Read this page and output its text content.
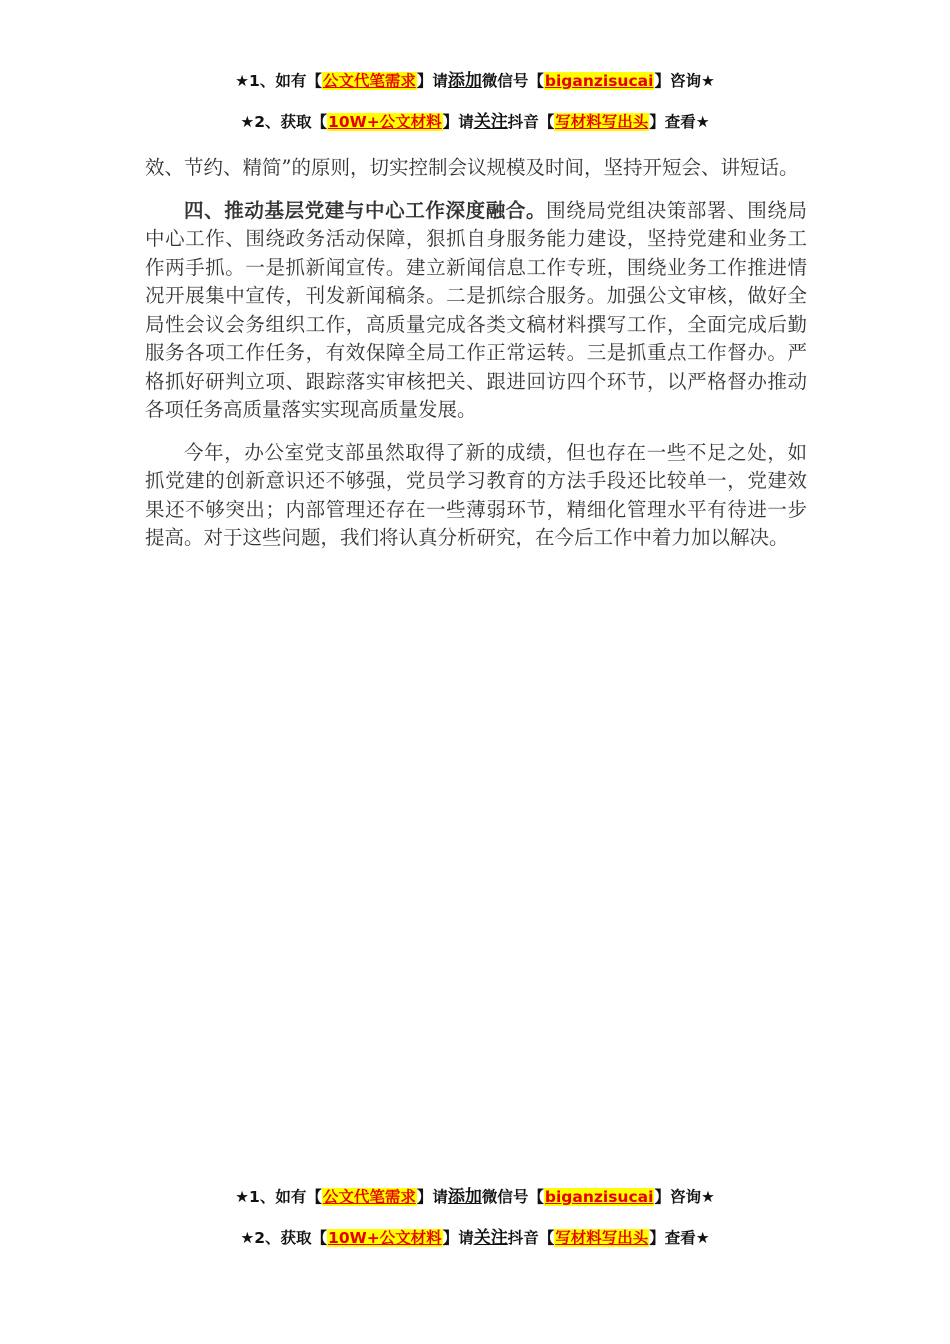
★1、如有【公文代笔需求】请添加微信号【biganzisucai】咨询★
★2、获取【10W+公文材料】请关注抖音【写材料写出头】查看★

效、节约、精简”的原则，切实控制会议规模及时间，坚持开短会、讲短话。

四、推动基层党建与中心工作深度融合。围绕局党组决策部署、围绕局中心工作、围绕政务活动保障，狠抓自身服务能力建设，坚持党建和业务工作两手抓。一是抓新闻宣传。建立新闻信息工作专班，围绕业务工作推进情况开展集中宣传，刊发新闻稿条。二是抓综合服务。加强公文审核，做好全局性会议会务组织工作，高质量完成各类文稿材料撰写工作，全面完成后勤服务各项工作任务，有效保障全局工作正常运转。三是抓重点工作督办。严格抓好研判立项、跟踪落实审核把关、跟进回访四个环节，以严格督办推动各项任务高质量落实实现高质量发展。

今年，办公室党支部虽然取得了新的成绩，但也存在一些不足之处，如抓党建的创新意识还不够强，党员学习教育的方法手段还比较单一，党建效果还不够突出；内部管理还存在一些薄弱环节，精细化管理水平有待进一步提高。对于这些问题，我们将认真分析研究，在今后工作中着力加以解决。

★1、如有【公文代笔需求】请添加微信号【biganzisucai】咨询★
★2、获取【10W+公文材料】请关注抖音【写材料写出头】查看★
